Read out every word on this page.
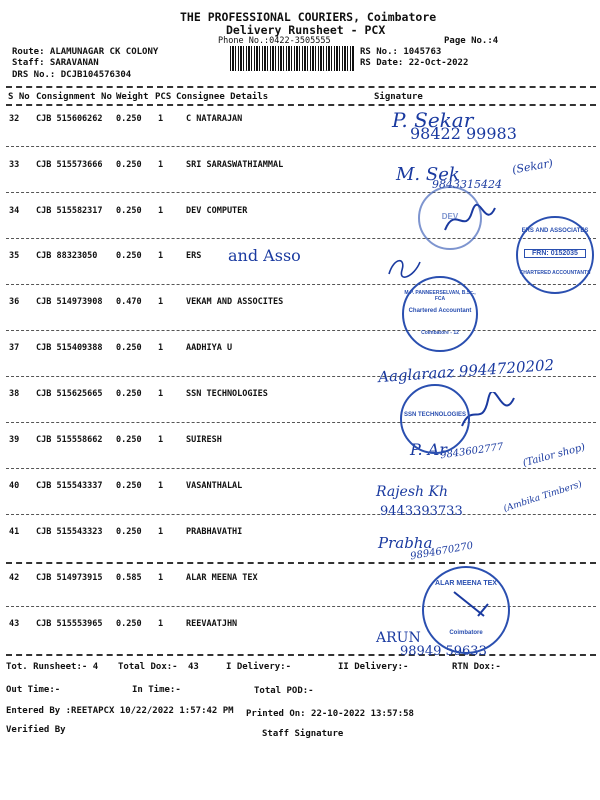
THE PROFESSIONAL COURIERS, Coimbatore
Delivery Runsheet - PCX
Phone No.:0422-3505555	Page No.:4
Route: ALAMUNAGAR CK COLONY
Staff: SARAVANAN
DRS No.: DCJB104576304
RS No.: 1045763
RS Date: 22-Oct-2022
S No Consignment No Weight PCS Consignee Details	Signature
32 CJB 515606262 0.250 1	C NATARAJAN
33 CJB 515573666 0.250 1	SRI SARASWATHIAMMAL
34 CJB 515582317 0.250 1	DEV COMPUTER
35 CJB 88323050 0.250 1	ERS
36 CJB 514973908 0.470 1	VEKAM AND ASSOCITES
37 CJB 515409388 0.250 1	AADHIYA U
38 CJB 515625665 0.250 1	SSN TECHNOLOGIES
39 CJB 515558662 0.250 1	SUIRESH
40 CJB 515543337 0.250 1	VASANTHALAL
41 CJB 515543323 0.250 1	PRABHAVATHI
42 CJB 514973915 0.585 1	ALAR MEENA TEX
43 CJB 515553965 0.250 1	REEVAATJHN
P. Sekar
98422 99983
M. Sek
9843315424
(Sekar)
and Asso
Aaglaraaz 9944720202
P. Ar
9843602777 (Tailor shop)
Rajesh Kh
9443393733	(Ambika Timbers)
Prabha
9894670270
ARUN
98949 59633
DEV
ERS AND ASSOCIATES
FRN: 0152035
CHARTERED ACCOUNTANTS
M.P. PANNEERSELVAN, B.Sc., FCA
Chartered Accountant
Coimbatore - 12
SSN TECHNOLOGIES
ALAR MEENA TEX
Coimbatore
Tot. Runsheet:- 4 Total Dox:- 43	I Delivery:-	II Delivery:-	RTN Dox:-
Out Time:-	In Time:-	Total POD:-
Entered By :REETAPCX 10/22/2022 1:57:42 PM Printed On: 22-10-2022 13:57:58
Verified By	Staff Signature
